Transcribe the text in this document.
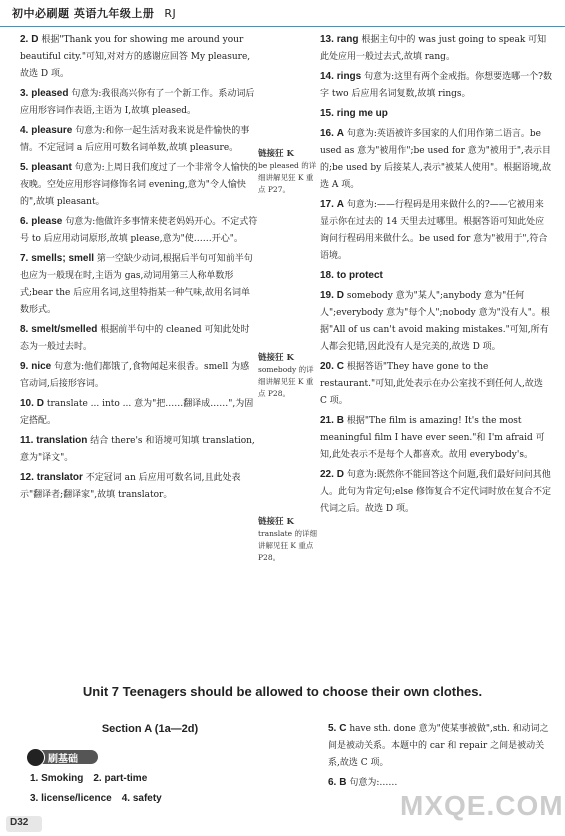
初中必刷题 英语九年级上册 RJ
2. D 根据"Thank you for showing me around your beautiful city."可知,对对方的感谢应回答 My pleasure,故选 D 项。
3. pleased 句意为:我很高兴你有了一个新工作。系动词后应用形容词作表语,主语为 I,故填 pleased。
4. pleasure 句意为:和你一起生活对我来说是件愉快的事情。不定冠词 a 后应用可数名词单数,故填 pleasure。
5. pleasant 句意为:上周日我们度过了一个非常令人愉快的夜晚。空处应用形容词修饰名词 evening,意为"令人愉快的",故填 pleasant。
6. please 句意为:他做许多事情来使老妈妈开心。不定式符号 to 后应用动词原形,故填 please,意为"使……开心"。
7. smells; smell 第一空缺少动词,根据后半句可知前半句也应为一般现在时,主语为 gas,动词用第三人称单数形式;bear the 后应用名词,这里特指某一种气味,故用名词单数形式。
8. smelt/smelled 根据前半句中的 cleaned 可知此处时态为一般过去时。
9. nice 句意为:他们都饿了,食物闻起来很香。smell 为感官动词,后接形容词。
10. D translate ... into ... 意为"把……翻译成……",为固定搭配。
11. translation 结合 there's 和语境可知填 translation,意为"译文"。
12. translator 不定冠词 an 后应用可数名词,且此处表示"翻译者;翻译家",故填 translator。
13. rang 根据主句中的 was just going to speak 可知此处应用一般过去式,故填 rang。
14. rings 句意为:这里有两个金戒指。你想要选哪一个?数字 two 后应用名词复数,故填 rings。
15. ring me up
16. A 句意为:英语被许多国家的人们用作第二语言。be used as 意为"被用作";be used for 意为"被用于",表示目的;be used by 后接某人,表示"被某人使用"。根据语境,故选 A 项。
17. A 句意为:——行程码是用来做什么的?——它被用来显示你在过去的 14 天里去过哪里。根据答语可知此处应询问行程码用来做什么。be used for 意为"被用于",符合语境。
18. to protect
19. D somebody 意为"某人";anybody 意为"任何人";everybody 意为"每个人";nobody 意为"没有人"。根据"All of us can't avoid making mistakes."可知,所有人都会犯错,因此没有人是完美的,故选 D 项。
20. C 根据答语"They have gone to the restaurant."可知,此处表示在办公室找不到任何人,故选 C 项。
21. B 根据"The film is amazing! It's the most meaningful film I have ever seen."和 I'm afraid 可知,此处表示不是每个人都喜欢。故用 everybody's。
22. D 句意为:既然你不能回答这个问题,我们最好问问其他人。此句为肯定句;else 修饰复合不定代词时放在复合不定代词之后。故选 D 项。
链接狂 K
be pleased 的详细讲解见狂 K 重点 P27。
链接狂 K
somebody 的详细讲解见狂 K 重点 P28。
链接狂 K
translate 的详细讲解见狂 K 重点 P28。
Unit 7 Teenagers should be allowed to choose their own clothes.
Section A (1a—2d)
刷基础
1. Smoking 2. part-time
3. license/licence 4. safety
5. C have sth. done 意为"使某事被做",sth. 和动词之间是被动关系。本题中的 car 和 repair 之间是被动关系,故选 C 项。
6. B 句意为:……
MXQE.COM
D32
